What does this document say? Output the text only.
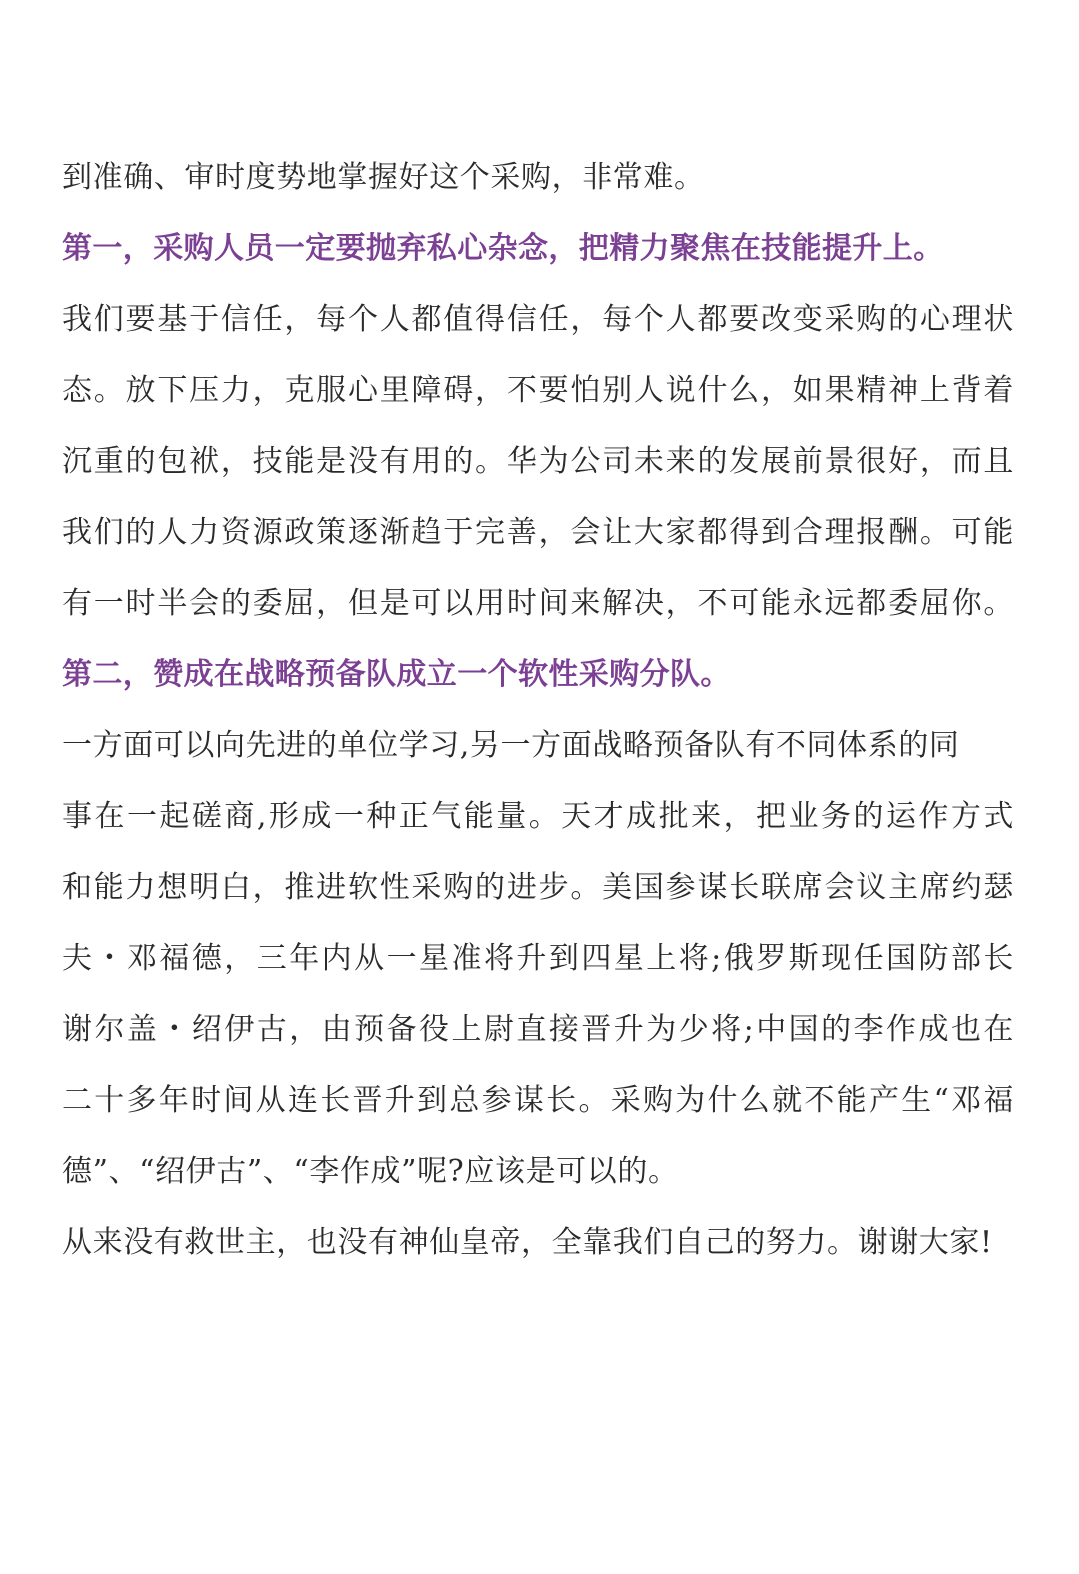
到准确、审时度势地掌握好这个采购，非常难。
第一，采购人员一定要抛弃私心杂念，把精力聚焦在技能提升上。
我们要基于信任，每个人都值得信任，每个人都要改变采购的心理状
态。放下压力，克服心里障碍，不要怕别人说什么，如果精神上背着
沉重的包袱，技能是没有用的。华为公司未来的发展前景很好，而且
我们的人力资源政策逐渐趋于完善，会让大家都得到合理报酬。可能
有一时半会的委屈，但是可以用时间来解决，不可能永远都委屈你。
第二，赞成在战略预备队成立一个软性采购分队。
一方面可以向先进的单位学习,另一方面战略预备队有不同体系的同
事在一起磋商,形成一种正气能量。天才成批来，把业务的运作方式
和能力想明白，推进软性采购的进步。美国参谋长联席会议主席约瑟
夫・邓福德，三年内从一星准将升到四星上将;俄罗斯现任国防部长
谢尔盖・绍伊古，由预备役上尉直接晋升为少将;中国的李作成也在
二十多年时间从连长晋升到总参谋长。采购为什么就不能产生“邓福
德”、“绍伊古”、“李作成”呢?应该是可以的。
从来没有救世主，也没有神仙皇帝，全靠我们自己的努力。谢谢大家!
